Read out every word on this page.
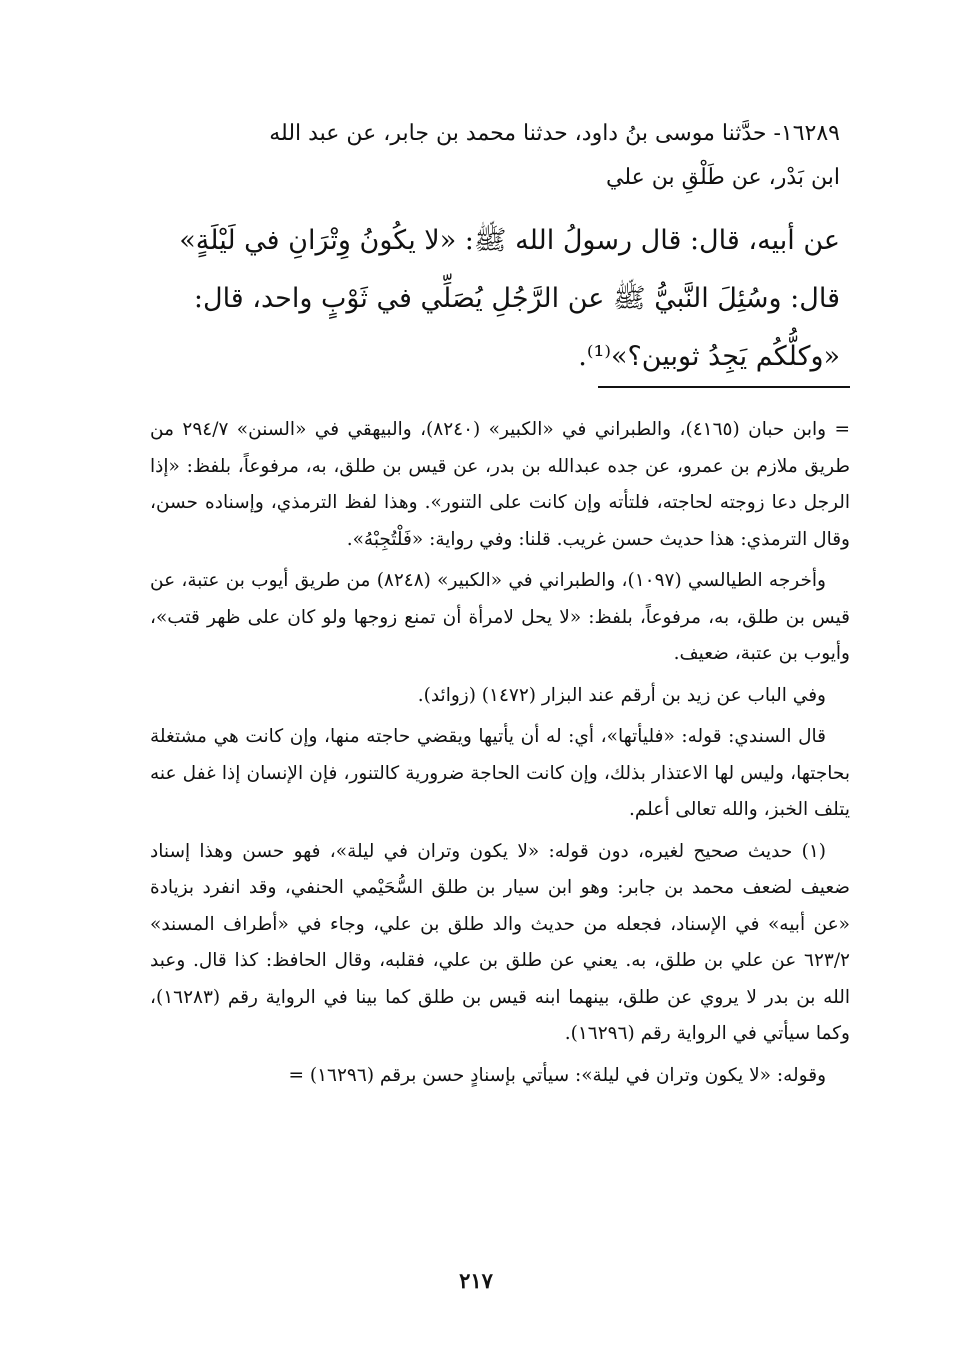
١٦٢٨٩- حدَّثنا موسى بنُ داود، حدثنا محمد بن جابر، عن عبد الله
ابن بَدْر، عن طَلْقِ بن علي
عن أبيه، قال: قال رسولُ الله ﷺ: «لا يكُونُ وِتْرَانِ في لَيْلَةٍ»
قال: وسُئِلَ النَّبيُّ ﷺ عن الرَّجُلِ يُصَلِّي في ثَوْبٍ واحد، قال:
«وكلُّكُم يَجِدُ ثوبين؟»⁽¹⁾.

= وابن حبان (٤١٦٥)، والطبراني في «الكبير» (٨٢٤٠)، والبيهقي في «السنن» ٢٩٤/٧ من طريق ملازم بن عمرو، عن جده عبدالله بن بدر، عن قيس بن طلق، به، مرفوعاً، بلفظ: «إذا الرجل دعا زوجته لحاجته، فلتأته وإن كانت على التنور». وهذا لفظ الترمذي، وإسناده حسن، وقال الترمذي: هذا حديث حسن غريب. قلنا: وفي رواية: «فَلْتُجِبْهُ».

وأخرجه الطيالسي (١٠٩٧)، والطبراني في «الكبير» (٨٢٤٨) من طريق أيوب بن عتبة، عن قيس بن طلق، به، مرفوعاً، بلفظ: «لا يحل لامرأة أن تمنع زوجها ولو كان على ظهر قتب»، وأيوب بن عتبة، ضعيف.

وفي الباب عن زيد بن أرقم عند البزار (١٤٧٢) (زوائد).

قال السندي: قوله: «فليأتها»، أي: له أن يأتيها ويقضي حاجته منها، وإن كانت هي مشتغلة بحاجتها، وليس لها الاعتذار بذلك، وإن كانت الحاجة ضرورية كالتنور، فإن الإنسان إذا غفل عنه يتلف الخبز، والله تعالى أعلم.

(١) حديث صحيح لغيره، دون قوله: «لا يكون وتران في ليلة»، فهو حسن وهذا إسناد ضعيف لضعف محمد بن جابر: وهو ابن سيار بن طلق السُّحَيْمي الحنفي، وقد انفرد بزيادة «عن أبيه» في الإسناد، فجعله من حديث والد طلق بن علي، وجاء في «أطراف المسند» ٦٢٣/٢ عن علي بن طلق، به. يعني عن طلق بن علي، فقلبه، وقال الحافظ: كذا قال. وعبد الله بن بدر لا يروي عن طلق، بينهما ابنه قيس بن طلق كما بينا في الرواية رقم (١٦٢٨٣)، وكما سيأتي في الرواية رقم (١٦٢٩٦).

وقوله: «لا يكون وتران في ليلة»: سيأتي بإسنادٍ حسن برقم (١٦٢٩٦) =

٢١٧
